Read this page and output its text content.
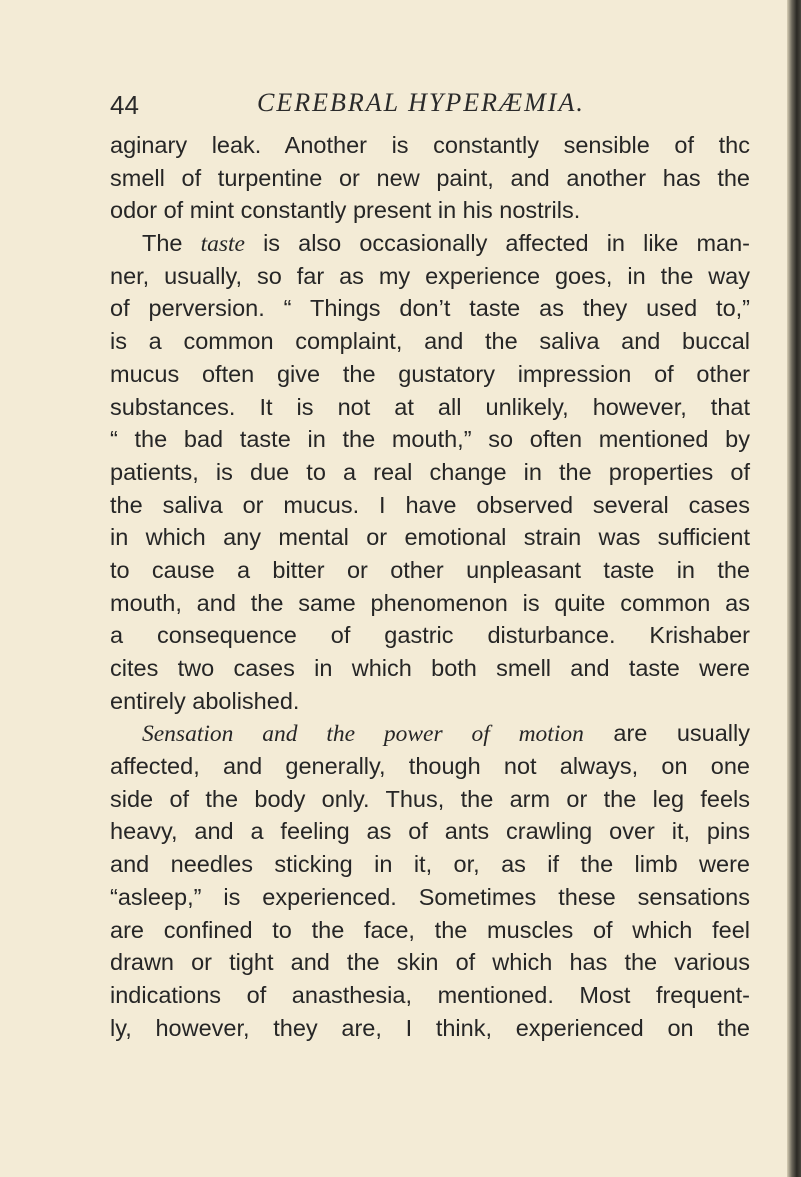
44	CEREBRAL HYPERÆMIA.
aginary leak. Another is constantly sensible of thc
smell of turpentine or new paint, and another has the
odor of mint constantly present in his nostrils.
The taste is also occasionally affected in like man-
ner, usually, so far as my experience goes, in the way
of perversion. “ Things don’t taste as they used to,”
is a common complaint, and the saliva and buccal
mucus often give the gustatory impression of other
substances. It is not at all unlikely, however, that
“ the bad taste in the mouth,” so often mentioned by
patients, is due to a real change in the properties of
the saliva or mucus. I have observed several cases
in which any mental or emotional strain was sufficient
to cause a bitter or other unpleasant taste in the
mouth, and the same phenomenon is quite common as
a consequence of gastric disturbance. Krishaber
cites two cases in which both smell and taste were
entirely abolished.
Sensation and the power of motion are usually
affected, and generally, though not always, on one
side of the body only. Thus, the arm or the leg feels
heavy, and a feeling as of ants crawling over it, pins
and needles sticking in it, or, as if the limb were
“asleep,” is experienced. Sometimes these sensations
are confined to the face, the muscles of which feel
drawn or tight and the skin of which has the various
indications of anasthesia, mentioned. Most frequent-
ly, however, they are, I think, experienced on the
